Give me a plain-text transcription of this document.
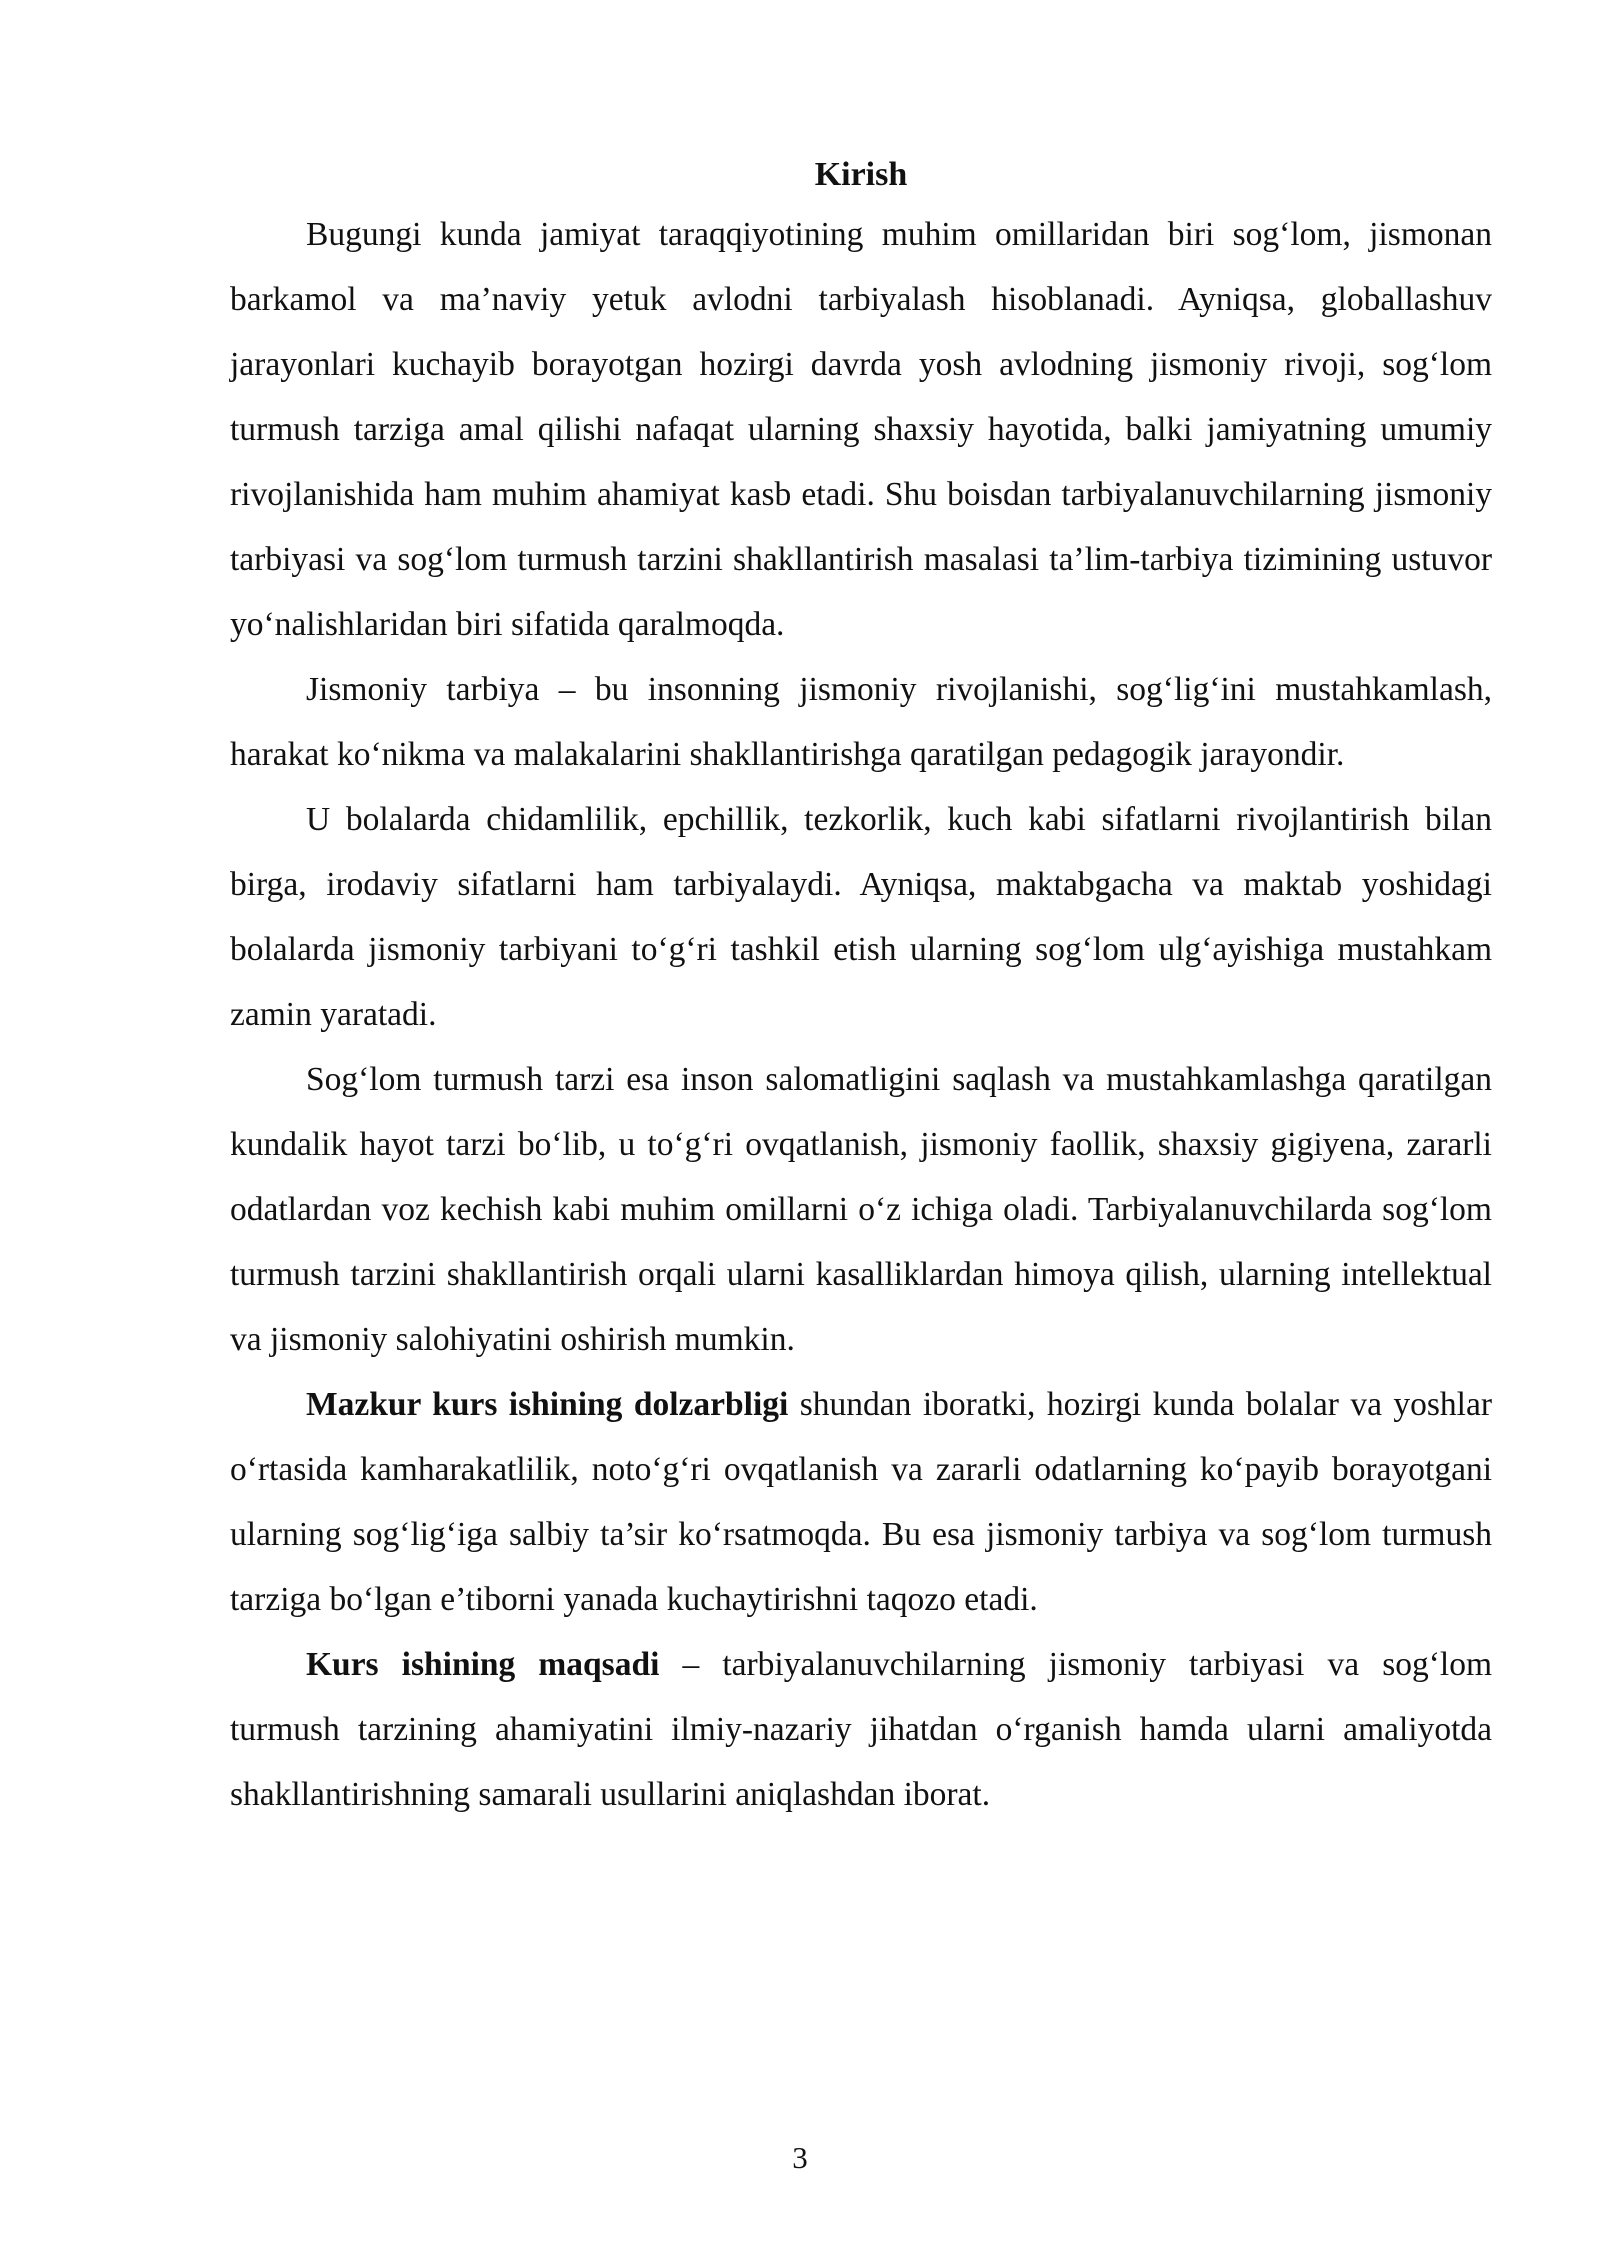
Kirish

Bugungi kunda jamiyat taraqqiyotining muhim omillaridan biri sog‘lom, jismonan barkamol va ma’naviy yetuk avlodni tarbiyalash hisoblanadi. Ayniqsa, globallashuv jarayonlari kuchayib borayotgan hozirgi davrda yosh avlodning jismoniy rivoji, sog‘lom turmush tarziga amal qilishi nafaqat ularning shaxsiy hayotida, balki jamiyatning umumiy rivojlanishida ham muhim ahamiyat kasb etadi. Shu boisdan tarbiyalanuvchilarning jismoniy tarbiyasi va sog‘lom turmush tarzini shakllantirish masalasi ta’lim-tarbiya tizimining ustuvor yo‘nalishlaridan biri sifatida qaralmoqda.

Jismoniy tarbiya – bu insonning jismoniy rivojlanishi, sog‘lig‘ini mustahkamlash, harakat ko‘nikma va malakalarini shakllantirishga qaratilgan pedagogik jarayondir.

U bolalarda chidamlilik, epchillik, tezkorlik, kuch kabi sifatlarni rivojlantirish bilan birga, irodaviy sifatlarni ham tarbiyalaydi. Ayniqsa, maktabgacha va maktab yoshidagi bolalarda jismoniy tarbiyani to‘g‘ri tashkil etish ularning sog‘lom ulg‘ayishiga mustahkam zamin yaratadi.

Sog‘lom turmush tarzi esa inson salomatligini saqlash va mustahkamlashga qaratilgan kundalik hayot tarzi bo‘lib, u to‘g‘ri ovqatlanish, jismoniy faollik, shaxsiy gigiyena, zararli odatlardan voz kechish kabi muhim omillarni o‘z ichiga oladi. Tarbiyalanuvchilarda sog‘lom turmush tarzini shakllantirish orqali ularni kasalliklardan himoya qilish, ularning intellektual va jismoniy salohiyatini oshirish mumkin.

Mazkur kurs ishining dolzarbligi shundan iboratki, hozirgi kunda bolalar va yoshlar o‘rtasida kamharakatlilik, noto‘g‘ri ovqatlanish va zararli odatlarning ko‘payib borayotgani ularning sog‘lig‘iga salbiy ta’sir ko‘rsatmoqda. Bu esa jismoniy tarbiya va sog‘lom turmush tarziga bo‘lgan e’tiborni yanada kuchaytirishni taqozo etadi.

Kurs ishining maqsadi – tarbiyalanuvchilarning jismoniy tarbiyasi va sog‘lom turmush tarzining ahamiyatini ilmiy-nazariy jihatdan o‘rganish hamda ularni amaliyotda shakllantirishning samarali usullarini aniqlashdan iborat.

3
